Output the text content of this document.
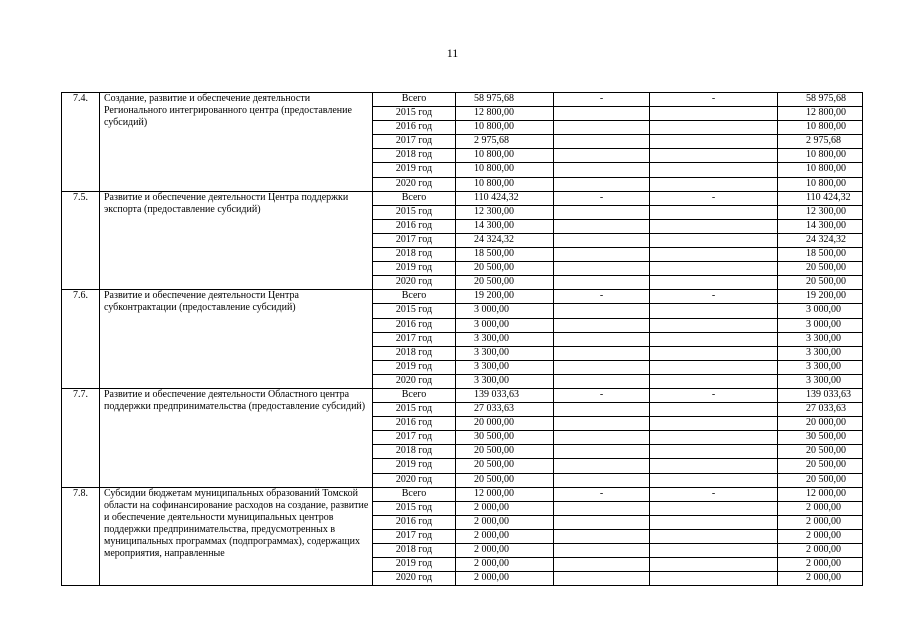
11
7.4.	Создание, развитие и обеспечение деятельности Регионального интегрированного центра (предоставление субсидий)	Всего	58 975,68	-	-	58 975,68
		2015 год	12 800,00			12 800,00
		2016 год	10 800,00			10 800,00
		2017 год	2 975,68			2 975,68
		2018 год	10 800,00			10 800,00
		2019 год	10 800,00			10 800,00
		2020 год	10 800,00			10 800,00
7.5.	Развитие и обеспечение деятельности Центра поддержки экспорта (предоставление субсидий)	Всего	110 424,32	-	-	110 424,32
		2015 год	12 300,00			12 300,00
		2016 год	14 300,00			14 300,00
		2017 год	24 324,32			24 324,32
		2018 год	18 500,00			18 500,00
		2019 год	20 500,00			20 500,00
		2020 год	20 500,00			20 500,00
7.6.	Развитие и обеспечение деятельности Центра субконтрактации (предоставление субсидий)	Всего	19 200,00	-	-	19 200,00
		2015 год	3 000,00			3 000,00
		2016 год	3 000,00			3 000,00
		2017 год	3 300,00			3 300,00
		2018 год	3 300,00			3 300,00
		2019 год	3 300,00			3 300,00
		2020 год	3 300,00			3 300,00
7.7.	Развитие и обеспечение деятельности Областного центра поддержки предпринимательства (предоставление субсидий)	Всего	139 033,63	-	-	139 033,63
		2015 год	27 033,63			27 033,63
		2016 год	20 000,00			20 000,00
		2017 год	30 500,00			30 500,00
		2018 год	20 500,00			20 500,00
		2019 год	20 500,00			20 500,00
		2020 год	20 500,00			20 500,00
7.8.	Субсидии бюджетам муниципальных образований Томской области на софинансирование расходов на создание, развитие и обеспечение деятельности муниципальных центров поддержки предпринимательства, предусмотренных в муниципальных программах (подпрограммах), содержащих мероприятия, направленные	Всего	12 000,00	-	-	12 000,00
		2015 год	2 000,00			2 000,00
		2016 год	2 000,00			2 000,00
		2017 год	2 000,00			2 000,00
		2018 год	2 000,00			2 000,00
		2019 год	2 000,00			2 000,00
		2020 год	2 000,00			2 000,00
